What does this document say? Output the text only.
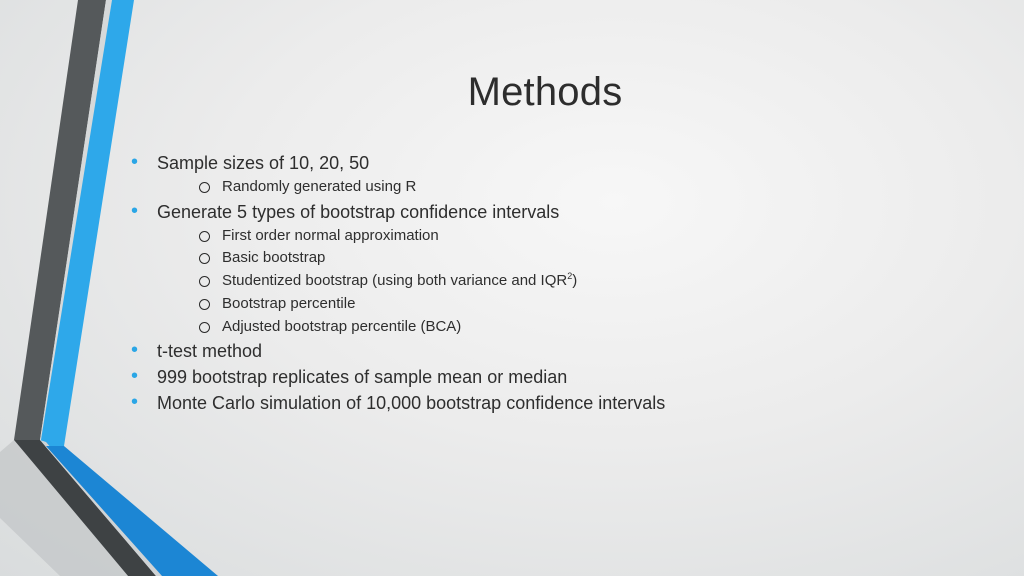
Methods
• Sample sizes of 10, 20, 50
Randomly generated using R
• Generate 5 types of bootstrap confidence intervals
First order normal approximation
Basic bootstrap
Studentized bootstrap (using both variance and IQR$^2$)
Bootstrap percentile
Adjusted bootstrap percentile (BCA)
• t-test method
• 999 bootstrap replicates of sample mean or median
• Monte Carlo simulation of 10,000 bootstrap confidence intervals
